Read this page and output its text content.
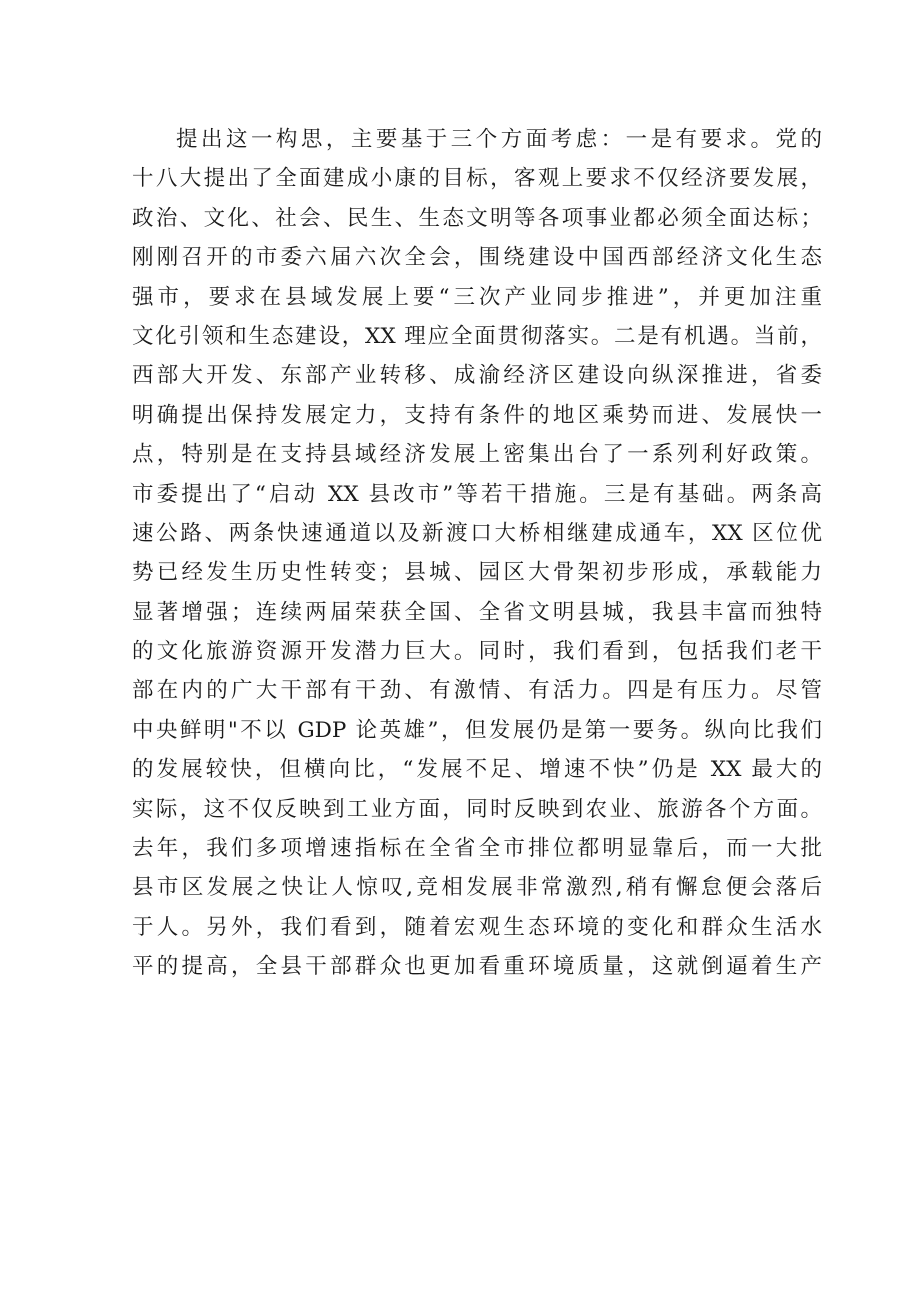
提出这一构思，主要基于三个方面考虑：一是有要求。党的
十八大提出了全面建成小康的目标，客观上要求不仅经济要发展，
政治、文化、社会、民生、生态文明等各项事业都必须全面达标；
刚刚召开的市委六届六次全会，围绕建设中国西部经济文化生态
强市，要求在县域发展上要“三次产业同步推进”，并更加注重
文化引领和生态建设，XX 理应全面贯彻落实。二是有机遇。当前，
西部大开发、东部产业转移、成渝经济区建设向纵深推进，省委
明确提出保持发展定力，支持有条件的地区乘势而进、发展快一
点，特别是在支持县域经济发展上密集出台了一系列利好政策。
市委提出了“启动 XX 县改市”等若干措施。三是有基础。两条高
速公路、两条快速通道以及新渡口大桥相继建成通车，XX 区位优
势已经发生历史性转变；县城、园区大骨架初步形成，承载能力
显著增强；连续两届荣获全国、全省文明县城，我县丰富而独特
的文化旅游资源开发潜力巨大。同时，我们看到，包括我们老干
部在内的广大干部有干劲、有激情、有活力。四是有压力。尽管
中央鲜明"不以 GDP 论英雄”，但发展仍是第一要务。纵向比我们
的发展较快，但横向比，“发展不足、增速不快”仍是 XX 最大的
实际，这不仅反映到工业方面，同时反映到农业、旅游各个方面。
去年，我们多项增速指标在全省全市排位都明显靠后，而一大批
县市区发展之快让人惊叹,竞相发展非常激烈,稍有懈怠便会落后
于人。另外，我们看到，随着宏观生态环境的变化和群众生活水
平的提高，全县干部群众也更加看重环境质量，这就倒逼着生产
